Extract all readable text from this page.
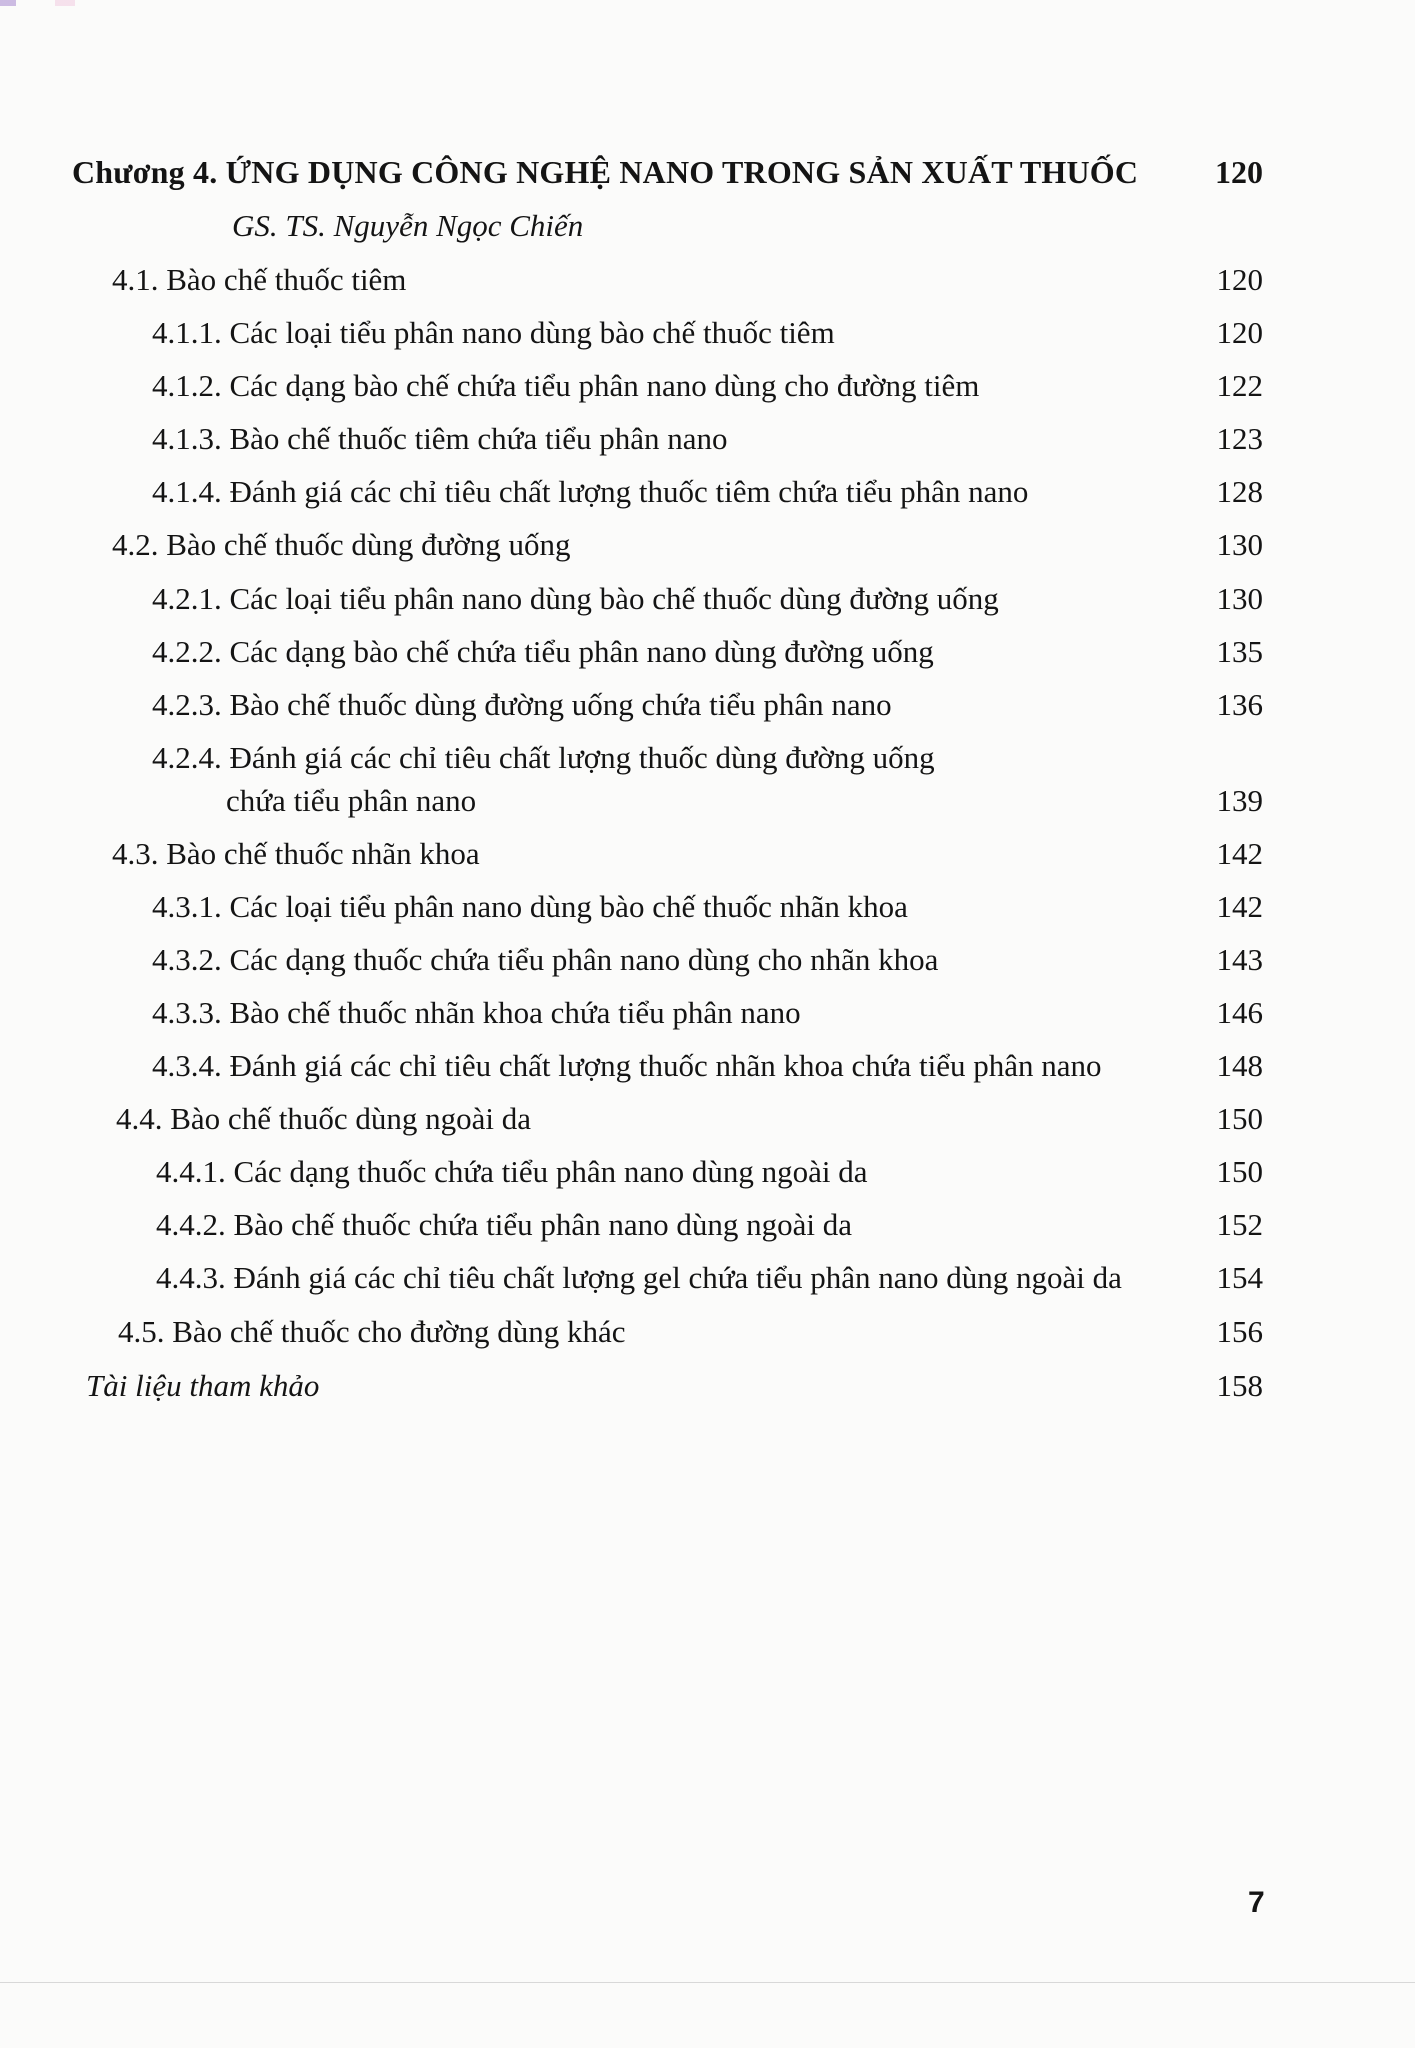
Chương 4. ỨNG DỤNG CÔNG NGHỆ NANO TRONG SẢN XUẤT THUỐC 120
GS. TS. Nguyễn Ngọc Chiến
4.1. Bào chế thuốc tiêm	120
4.1.1. Các loại tiểu phân nano dùng bào chế thuốc tiêm	120
4.1.2. Các dạng bào chế chứa tiểu phân nano dùng cho đường tiêm	122
4.1.3. Bào chế thuốc tiêm chứa tiểu phân nano	123
4.1.4. Đánh giá các chỉ tiêu chất lượng thuốc tiêm chứa tiểu phân nano	128
4.2. Bào chế thuốc dùng đường uống	130
4.2.1. Các loại tiểu phân nano dùng bào chế thuốc dùng đường uống	130
4.2.2. Các dạng bào chế chứa tiểu phân nano dùng đường uống	135
4.2.3. Bào chế thuốc dùng đường uống chứa tiểu phân nano	136
4.2.4. Đánh giá các chỉ tiêu chất lượng thuốc dùng đường uống
chứa tiểu phân nano	139
4.3. Bào chế thuốc nhãn khoa	142
4.3.1. Các loại tiểu phân nano dùng bào chế thuốc nhãn khoa	142
4.3.2. Các dạng thuốc chứa tiểu phân nano dùng cho nhãn khoa	143
4.3.3. Bào chế thuốc nhãn khoa chứa tiểu phân nano	146
4.3.4. Đánh giá các chỉ tiêu chất lượng thuốc nhãn khoa chứa tiểu phân nano	148
4.4. Bào chế thuốc dùng ngoài da	150
4.4.1. Các dạng thuốc chứa tiểu phân nano dùng ngoài da	150
4.4.2. Bào chế thuốc chứa tiểu phân nano dùng ngoài da	152
4.4.3. Đánh giá các chỉ tiêu chất lượng gel chứa tiểu phân nano dùng ngoài da	154
4.5. Bào chế thuốc cho đường dùng khác	156
Tài liệu tham khảo	158
7
